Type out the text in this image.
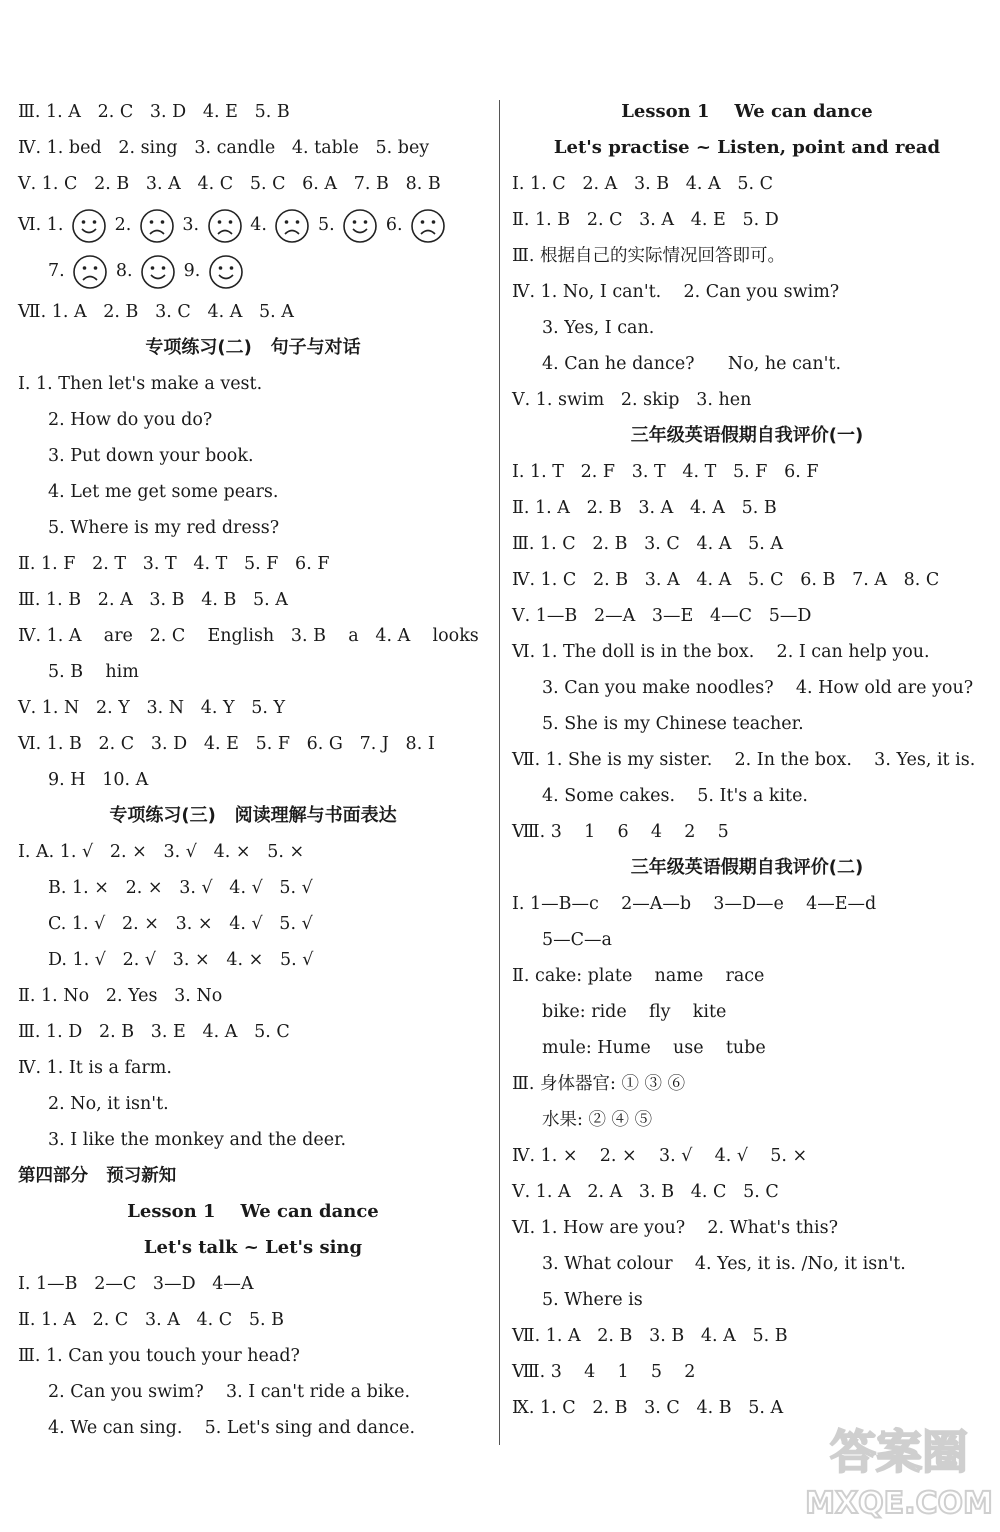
Ⅲ. 1. A   2. C   3. D   4. E   5. B
Ⅳ. 1. bed   2. sing   3. candle   4. table   5. bey
Ⅴ. 1. C   2. B   3. A   4. C   5. C   6. A   7. B   8. B
Ⅵ. 1.
2.
3.
4.
5.
6.
7.
8.
9.
Ⅶ. 1. A   2. B   3. C   4. A   5. A
专项练习(二)   句子与对话
Ⅰ. 1. Then let's make a vest.
2. How do you do?
3. Put down your book.
4. Let me get some pears.
5. Where is my red dress?
Ⅱ. 1. F   2. T   3. T   4. T   5. F   6. F
Ⅲ. 1. B   2. A   3. B   4. B   5. A
Ⅳ. 1. A    are   2. C    English   3. B    a   4. A    looks
5. B    him
Ⅴ. 1. N   2. Y   3. N   4. Y   5. Y
Ⅵ. 1. B   2. C   3. D   4. E   5. F   6. G   7. J   8. I
9. H   10. A
专项练习(三)   阅读理解与书面表达
Ⅰ. A. 1. √   2. ×   3. √   4. ×   5. ×
B. 1. ×   2. ×   3. √   4. √   5. √
C. 1. √   2. ×   3. ×   4. √   5. √
D. 1. √   2. √   3. ×   4. ×   5. √
Ⅱ. 1. No   2. Yes   3. No
Ⅲ. 1. D   2. B   3. E   4. A   5. C
Ⅳ. 1. It is a farm.
2. No, it isn't.
3. I like the monkey and the deer.
第四部分   预习新知
Lesson 1    We can dance
Let's talk ~ Let's sing
Ⅰ. 1—B   2—C   3—D   4—A
Ⅱ. 1. A   2. C   3. A   4. C   5. B
Ⅲ. 1. Can you touch your head?
2. Can you swim?    3. I can't ride a bike.
4. We can sing.    5. Let's sing and dance.
Lesson 1    We can dance
Let's practise ~ Listen, point and read
Ⅰ. 1. C   2. A   3. B   4. A   5. C
Ⅱ. 1. B   2. C   3. A   4. E   5. D
Ⅲ. 根据自己的实际情况回答即可。
Ⅳ. 1. No, I can't.    2. Can you swim?
3. Yes, I can.
4. Can he dance?      No, he can't.
Ⅴ. 1. swim   2. skip   3. hen
三年级英语假期自我评价(一)
Ⅰ. 1. T   2. F   3. T   4. T   5. F   6. F
Ⅱ. 1. A   2. B   3. A   4. A   5. B
Ⅲ. 1. C   2. B   3. C   4. A   5. A
Ⅳ. 1. C   2. B   3. A   4. A   5. C   6. B   7. A   8. C
Ⅴ. 1—B   2—A   3—E   4—C   5—D
Ⅵ. 1. The doll is in the box.    2. I can help you.
3. Can you make noodles?    4. How old are you?
5. She is my Chinese teacher.
Ⅶ. 1. She is my sister.    2. In the box.    3. Yes, it is.
4. Some cakes.    5. It's a kite.
Ⅷ. 3    1    6    4    2    5
三年级英语假期自我评价(二)
Ⅰ. 1—B—c    2—A—b    3—D—e    4—E—d
5—C—a
Ⅱ. cake: plate    name    race
bike: ride    fly    kite
mule: Hume    use    tube
Ⅲ. 身体器官: ① ③ ⑥
水果: ② ④ ⑤
Ⅳ. 1. ×    2. ×    3. √    4. √    5. ×
Ⅴ. 1. A   2. A   3. B   4. C   5. C
Ⅵ. 1. How are you?    2. What's this?
3. What colour    4. Yes, it is. /No, it isn't.
5. Where is
Ⅶ. 1. A   2. B   3. B   4. A   5. B
Ⅷ. 3    4    1    5    2
Ⅸ. 1. C   2. B   3. C   4. B   5. A
答案圈
MXQE.COM
